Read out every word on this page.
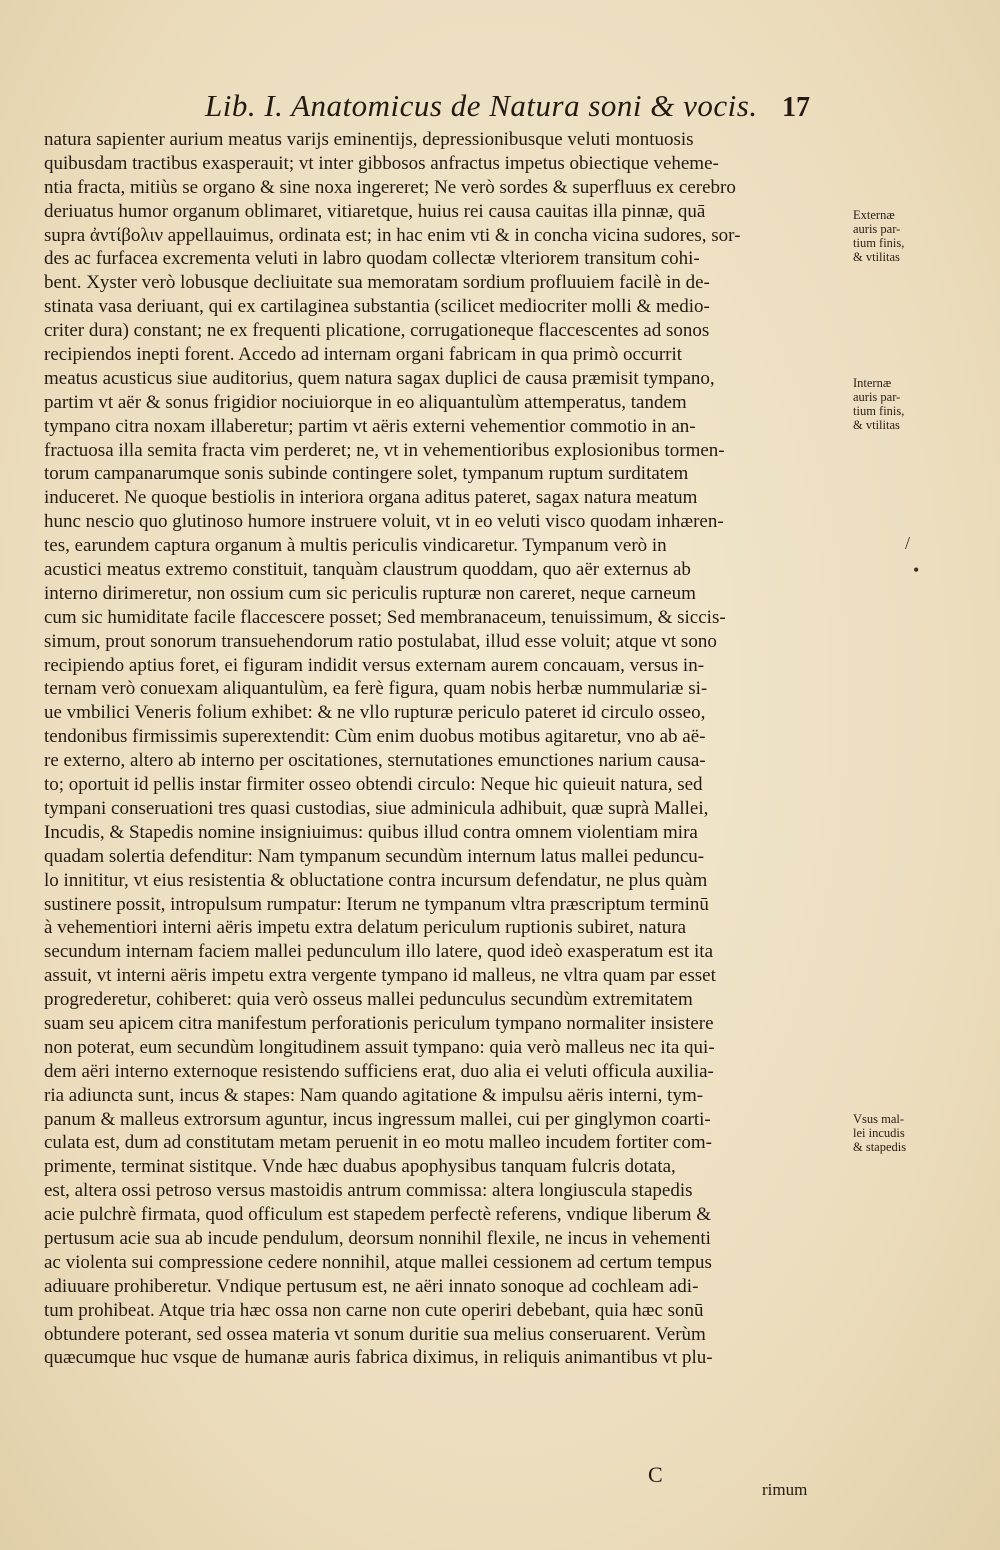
Lib. I. Anatomicus de Natura soni & vocis. 17
natura sapienter aurium meatus varijs eminentijs, depressionibusque veluti montuosis
quibusdam tractibus exasperauit; vt inter gibbosos anfractus impetus obiectique veheme-
ntia fracta, mitiùs se organo & sine noxa ingereret; Ne verò sordes & superfluus ex cerebro
deriuatus humor organum oblimaret, vitiaretque, huius rei causa cauitas illa pinnæ, quā
supra ἀντίβολιν appellauimus, ordinata est; in hac enim vti & in concha vicina sudores, sor-
des ac furfacea excrementa veluti in labro quodam collectæ vlteriorem transitum cohi-
bent. Xyster verò lobusque decliuitate sua memoratam sordium profluuiem facilè in de-
stinata vasa deriuant, qui ex cartilaginea substantia (scilicet mediocriter molli & medio-
criter dura) constant; ne ex frequenti plicatione, corrugationeque flaccescentes ad sonos
recipiendos inepti forent. Accedo ad internam organi fabricam in qua primò occurrit
meatus acusticus siue auditorius, quem natura sagax duplici de causa præmisit tympano,
partim vt aër & sonus frigidior nociuiorque in eo aliquantulùm attemperatus, tandem
tympano citra noxam illaberetur; partim vt aëris externi vehementior commotio in an-
fractuosa illa semita fracta vim perderet; ne, vt in vehementioribus explosionibus tormen-
torum campanarumque sonis subinde contingere solet, tympanum ruptum surditatem
induceret. Ne quoque bestiolis in interiora organa aditus pateret, sagax natura meatum
hunc nescio quo glutinoso humore instruere voluit, vt in eo veluti visco quodam inhæren-
tes, earundem captura organum à multis periculis vindicaretur. Tympanum verò in
acustici meatus extremo constituit, tanquàm claustrum quoddam, quo aër externus ab
interno dirimeretur, non ossium cum sic periculis rupturæ non careret, neque carneum
cum sic humiditate facile flaccescere posset; Sed membranaceum, tenuissimum, & siccis-
simum, prout sonorum transuehendorum ratio postulabat, illud esse voluit; atque vt sono
recipiendo aptius foret, ei figuram indidit versus externam aurem concauam, versus in-
ternam verò conuexam aliquantulùm, ea ferè figura, quam nobis herbæ nummulariæ si-
ue vmbilici Veneris folium exhibet: & ne vllo rupturæ periculo pateret id circulo osseo,
tendonibus firmissimis superextendit: Cùm enim duobus motibus agitaretur, vno ab aë-
re externo, altero ab interno per oscitationes, sternutationes emunctiones narium causa-
to; oportuit id pellis instar firmiter osseo obtendi circulo: Neque hic quieuit natura, sed
tympani conseruationi tres quasi custodias, siue adminicula adhibuit, quæ suprà Mallei,
Incudis, & Stapedis nomine insigniuimus: quibus illud contra omnem violentiam mira
quadam solertia defenditur: Nam tympanum secundùm internum latus mallei peduncu-
lo innititur, vt eius resistentia & obluctatione contra incursum defendatur, ne plus quàm
sustinere possit, intropulsum rumpatur: Iterum ne tympanum vltra præscriptum terminū
à vehementiori interni aëris impetu extra delatum periculum ruptionis subiret, natura
secundum internam faciem mallei pedunculum illo latere, quod ideò exasperatum est ita
assuit, vt interni aëris impetu extra vergente tympano id malleus, ne vltra quam par esset
progrederetur, cohiberet: quia verò osseus mallei pedunculus secundùm extremitatem
suam seu apicem citra manifestum perforationis periculum tympano normaliter insistere
non poterat, eum secundùm longitudinem assuit tympano: quia verò malleus nec ita qui-
dem aëri interno externoque resistendo sufficiens erat, duo alia ei veluti officula auxilia-
ria adiuncta sunt, incus & stapes: Nam quando agitatione & impulsu aëris interni, tym-
panum & malleus extrorsum aguntur, incus ingressum mallei, cui per ginglymon coarti-
culata est, dum ad constitutam metam peruenit in eo motu malleo incudem fortiter com-
primente, terminat sistitque. Vnde hæc duabus apophysibus tanquam fulcris dotata,
est, altera ossi petroso versus mastoidis antrum commissa: altera longiuscula stapedis
acie pulchrè firmata, quod officulum est stapedem perfectè referens, vndique liberum &
pertusum acie sua ab incude pendulum, deorsum nonnihil flexile, ne incus in vehementi
ac violenta sui compressione cedere nonnihil, atque mallei cessionem ad certum tempus
adiuuare prohiberetur. Vndique pertusum est, ne aëri innato sonoque ad cochleam adi-
tum prohibeat. Atque tria hæc ossa non carne non cute operiri debebant, quia hæc sonū
obtundere poterant, sed ossea materia vt sonum duritie sua melius conseruarent. Verùm
quæcumque huc vsque de humanæ auris fabrica diximus, in reliquis animantibus vt plu-
Externæ
auris par-
tium finis,
& vtilitas
Internæ
auris par-
tium finis,
& vtilitas
Vsus mal-
lei incudis
& stapedis
/
•
C
rimum
